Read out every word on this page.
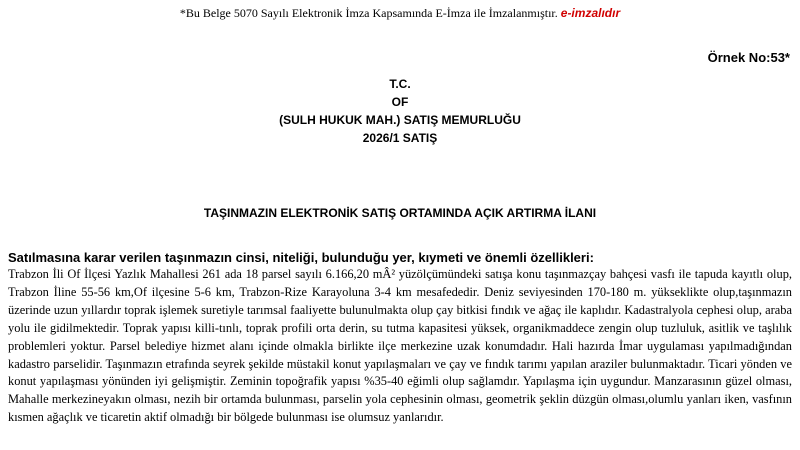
*Bu Belge 5070 Sayılı Elektronik İmza Kapsamında E-İmza ile İmzalanmıştır. e-imzalıdır
Örnek No:53*
T.C.
OF
(SULH HUKUK MAH.) SATIŞ MEMURLUĞU
2026/1 SATIŞ
TAŞINMAZIN ELEKTRONİK SATIŞ ORTAMINDA AÇIK ARTIRMA İLANI
Satılmasına karar verilen taşınmazın cinsi, niteliği, bulunduğu yer, kıymeti ve önemli özellikleri:
Trabzon İli Of İlçesi Yazlık Mahallesi 261 ada 18 parsel sayılı 6.166,20 mÂ² yüzölçümündeki satışa konu taşınmazçay bahçesi vasfı ile tapuda kayıtlı olup, Trabzon İline 55-56 km,Of ilçesine 5-6 km, Trabzon-Rize Karayoluna 3-4 km mesafededir. Deniz seviyesinden 170-180 m. yükseklikte olup,taşınmazın üzerinde uzun yıllardır toprak işlemek suretiyle tarımsal faaliyette bulunulmakta olup çay bitkisi fındık ve ağaç ile kaplıdır. Kadastralyola cephesi olup, araba yolu ile gidilmektedir. Toprak yapısı killi-tınlı, toprak profili orta derin, su tutma kapasitesi yüksek, organikmaddece zengin olup tuzluluk, asitlik ve taşlılık problemleri yoktur. Parsel belediye hizmet alanı içinde olmakla birlikte ilçe merkezine uzak konumdadır. Hali hazırda İmar uygulaması yapılmadığından kadastro parselidir. Taşınmazın etrafında seyrek şekilde müstakil konut yapılaşmaları ve çay ve fındık tarımı yapılan araziler bulunmaktadır. Ticari yönden ve konut yapılaşması yönünden iyi gelişmiştir. Zeminin topoğrafik yapısı %35-40 eğimli olup sağlamdır. Yapılaşma için uygundur. Manzarasının güzel olması, Mahalle merkezineyakın olması, nezih bir ortamda bulunması, parselin yola cephesinin olması, geometrik şeklin düzgün olması,olumlu yanları iken, vasfının kısmen ağaçlık ve ticaretin aktif olmadığı bir bölgede bulunması ise olumsuz yanlarıdır.
